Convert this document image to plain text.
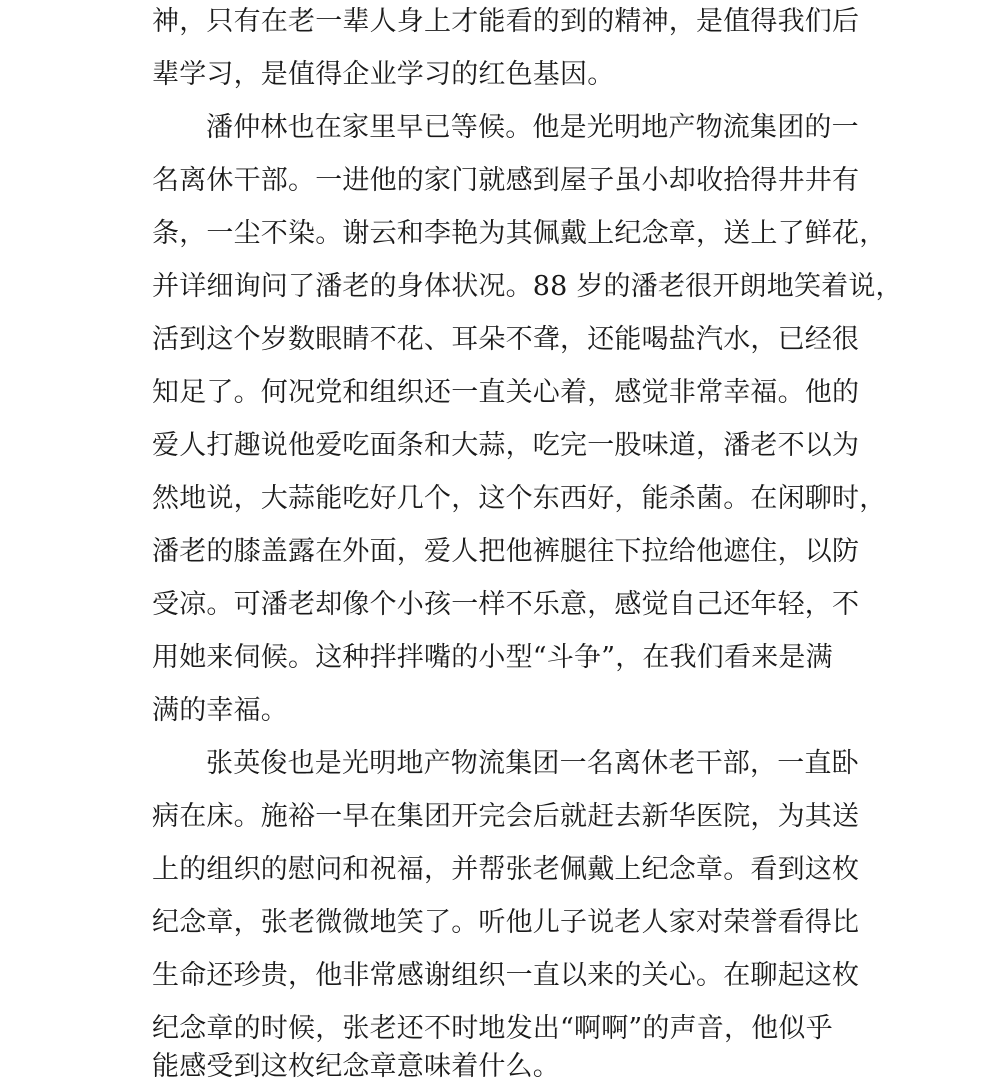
神，只有在老一辈人身上才能看的到的精神，是值得我们后
辈学习，是值得企业学习的红色基因。
潘仲林也在家里早已等候。他是光明地产物流集团的一
名离休干部。一进他的家门就感到屋子虽小却收拾得井井有
条，一尘不染。谢云和李艳为其佩戴上纪念章，送上了鲜花，
并详细询问了潘老的身体状况。88 岁的潘老很开朗地笑着说，
活到这个岁数眼睛不花、耳朵不聋，还能喝盐汽水，已经很
知足了。何况党和组织还一直关心着，感觉非常幸福。他的
爱人打趣说他爱吃面条和大蒜，吃完一股味道，潘老不以为
然地说，大蒜能吃好几个，这个东西好，能杀菌。在闲聊时，
潘老的膝盖露在外面，爱人把他裤腿往下拉给他遮住，以防
受凉。可潘老却像个小孩一样不乐意，感觉自己还年轻，不
用她来伺候。这种拌拌嘴的小型“斗争”，在我们看来是满
满的幸福。
张英俊也是光明地产物流集团一名离休老干部，一直卧
病在床。施裕一早在集团开完会后就赶去新华医院，为其送
上的组织的慰问和祝福，并帮张老佩戴上纪念章。看到这枚
纪念章，张老微微地笑了。听他儿子说老人家对荣誉看得比
生命还珍贵，他非常感谢组织一直以来的关心。在聊起这枚
纪念章的时候，张老还不时地发出“啊啊”的声音，他似乎
能感受到这枚纪念章意味着什么。
